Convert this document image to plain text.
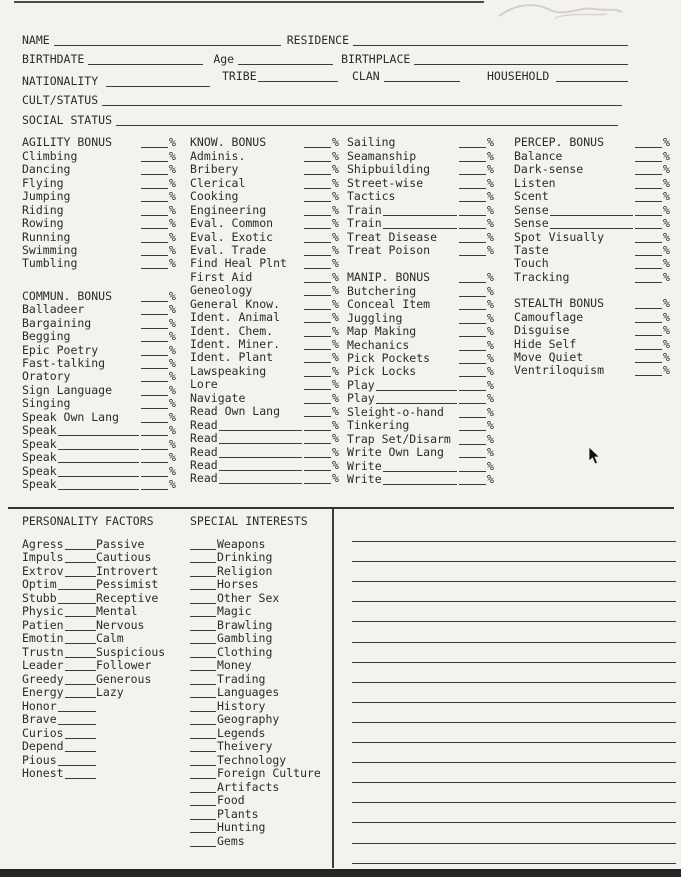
NAME	RESIDENCE
BIRTHDATE	Age	BIRTHPLACE
TRIBE	CLAN	HOUSEHOLD
NATIONALITY
CULT/STATUS
SOCIAL STATUS
AGILITY BONUS	%
Climbing	%
Dancing	%
Flying	%
Jumping	%
Riding	%
Rowing	%
Running	%
Swimming	%
Tumbling	%
COMMUN. BONUS	%
Balladeer	%
Bargaining	%
Begging	%
Epic Poetry	%
Fast-talking	%
Oratory	%
Sign Language	%
Singing	%
Speak Own Lang	%
Speak	%
Speak	%
Speak	%
Speak	%
Speak	%
KNOW. BONUS	%
Adminis.	%
Bribery	%
Clerical	%
Cooking	%
Engineering	%
Eval. Common	%
Eval. Exotic	%
Eval. Trade	%
Find Heal Plnt	%
First Aid	%
Geneology	%
General Know.	%
Ident. Animal	%
Ident. Chem.	%
Ident. Miner.	%
Ident. Plant	%
Lawspeaking	%
Lore	%
Navigate	%
Read Own Lang	%
Read	%
Read	%
Read	%
Read	%
Read	%
Sailing	%
Seamanship	%
Shipbuilding	%
Street-wise	%
Tactics	%
Train	%
Train	%
Treat Disease	%
Treat Poison	%
MANIP. BONUS	%
Butchering	%
Conceal Item	%
Juggling	%
Map Making	%
Mechanics	%
Pick Pockets	%
Pick Locks	%
Play	%
Play	%
Sleight-o-hand	%
Tinkering	%
Trap Set/Disarm	%
Write Own Lang	%
Write	%
Write	%
PERCEP. BONUS	%
Balance	%
Dark-sense	%
Listen	%
Scent	%
Sense	%
Sense	%
Spot Visually	%
Taste	%
Touch	%
Tracking	%
STEALTH BONUS	%
Camouflage	%
Disguise	%
Hide Self	%
Move Quiet	%
Ventriloquism	%
PERSONALITY FACTORS	SPECIAL INTERESTS
Agress	Passive
Impuls	Cautious
Extrov	Introvert
Optim	Pessimist
Stubb	Receptive
Physic	Mental
Patien	Nervous
Emotin	Calm
Trustn	Suspicious
Leader	Follower
Greedy	Generous
Energy	Lazy
Honor
Brave
Curios
Depend
Pious
Honest
Weapons
Drinking
Religion
Horses
Other Sex
Magic
Brawling
Gambling
Clothing
Money
Trading
Languages
History
Geography
Legends
Theivery
Technology
Foreign Culture
Artifacts
Food
Plants
Hunting
Gems
